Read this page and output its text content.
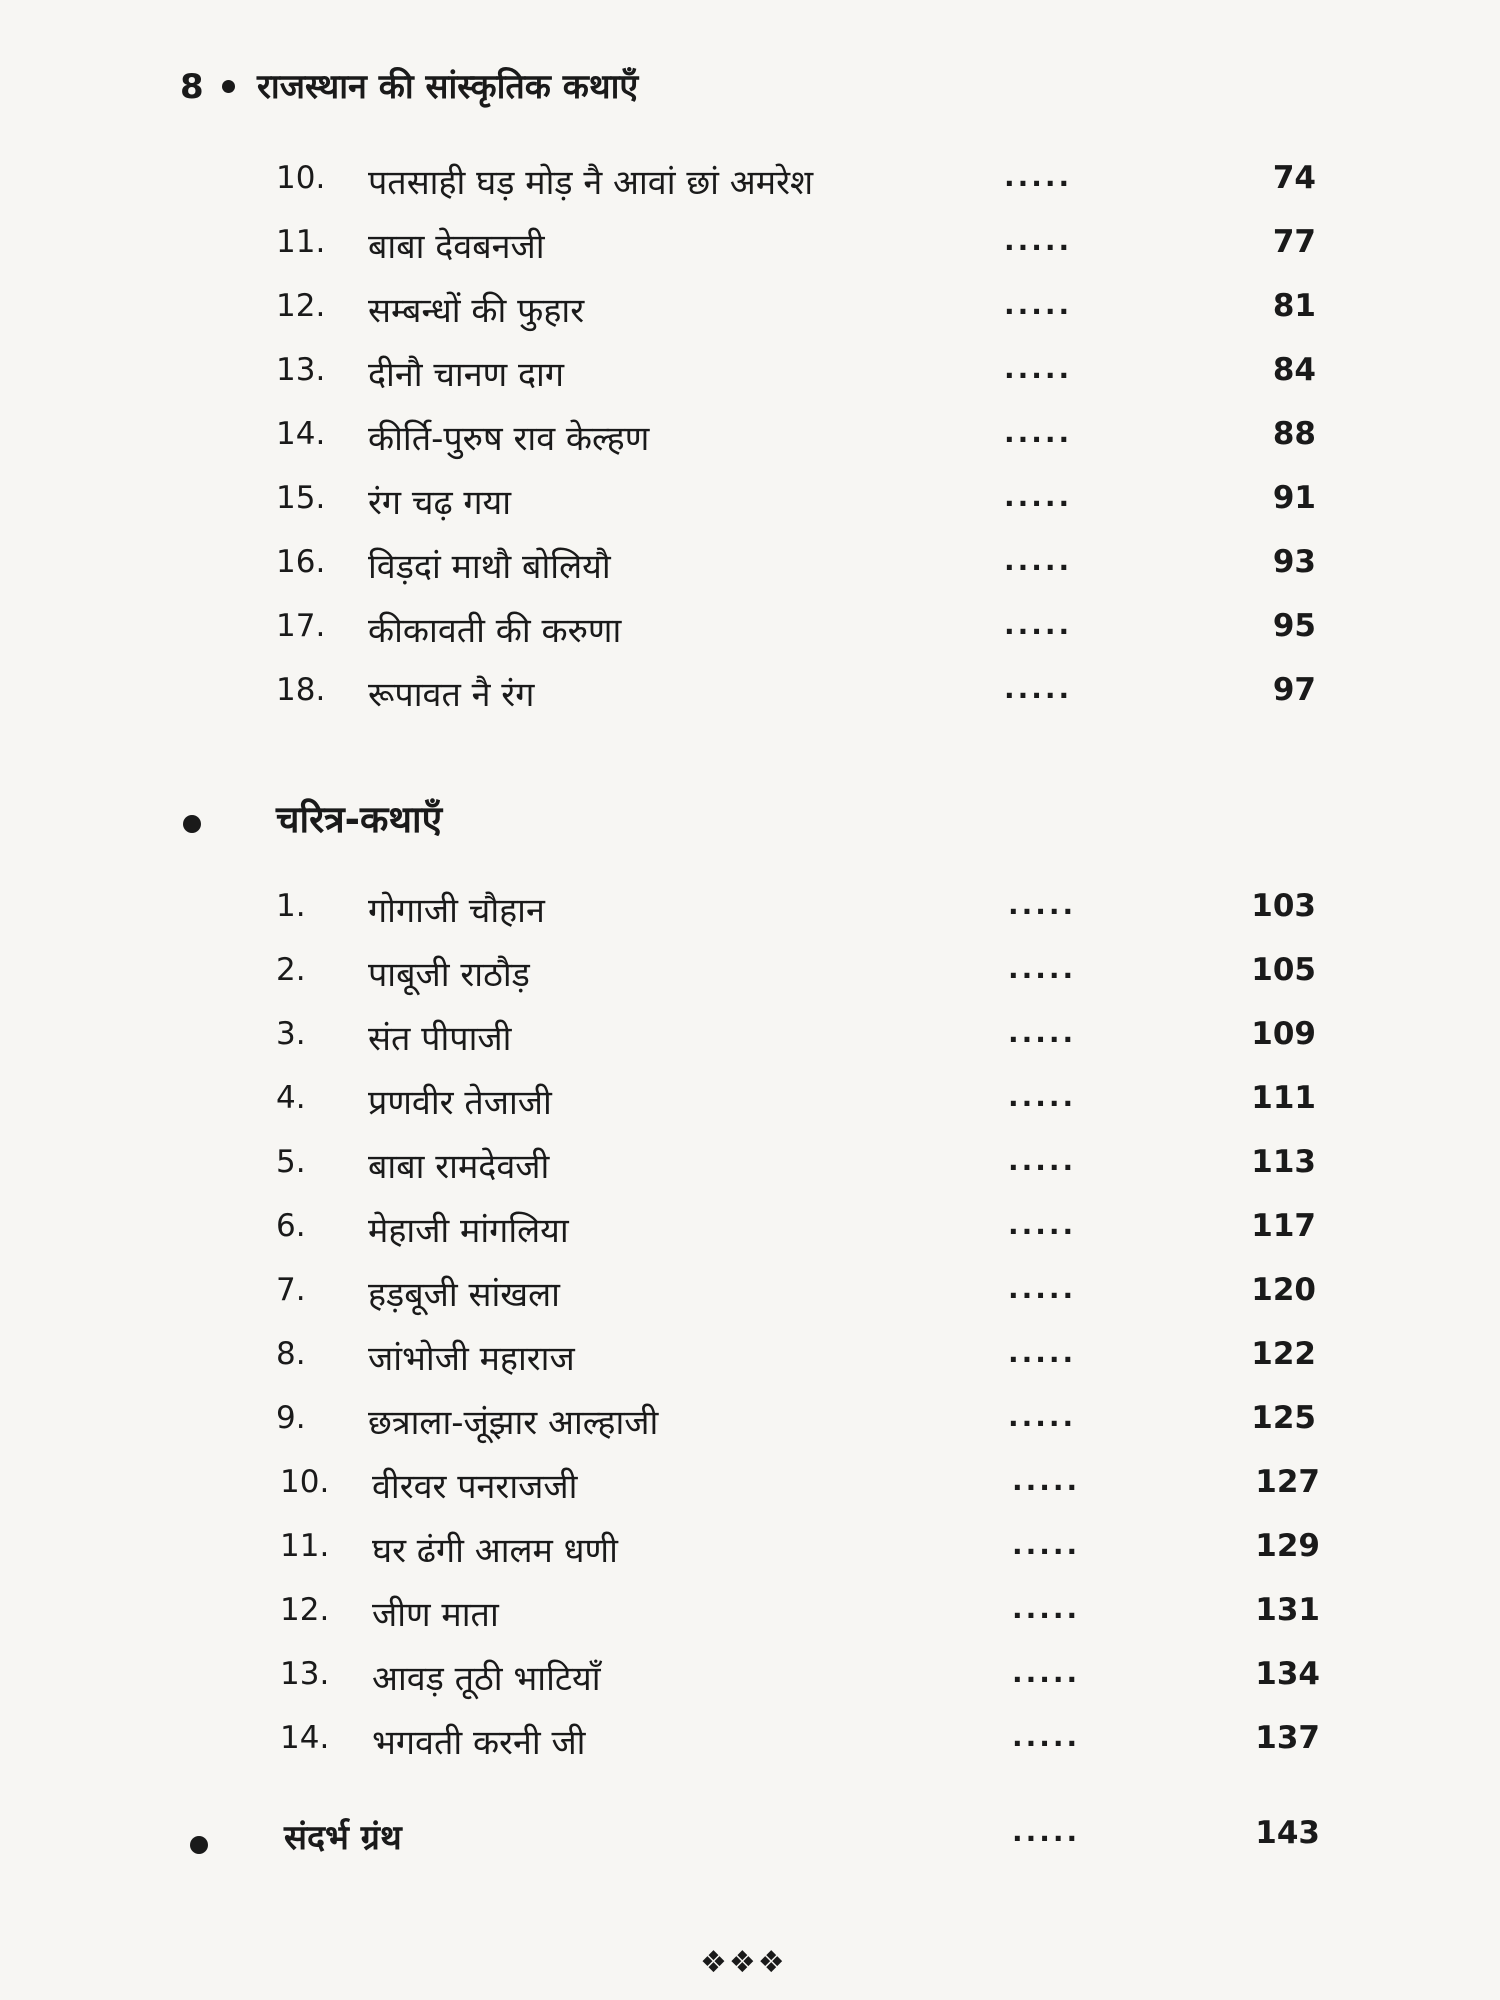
8 राजस्थान की सांस्कृतिक कथाएँ
10. पतसाही घड़ मोड़ नै आवां छां अमरेश	.....	74
11. बाबा देवबनजी	.....	77
12. सम्बन्धों की फुहार	.....	81
13. दीनौ चानण दाग	.....	84
14. कीर्ति-पुरुष राव केल्हण	.....	88
15. रंग चढ़ गया	.....	91
16. विड़दां माथौ बोलियौ	.....	93
17. कीकावती की करुणा	.....	95
18. रूपावत नै रंग	.....	97
चरित्र-कथाएँ
1. गोगाजी चौहान	.....	103
2. पाबूजी राठौड़	.....	105
3. संत पीपाजी	.....	109
4. प्रणवीर तेजाजी	.....	111
5. बाबा रामदेवजी	.....	113
6. मेहाजी मांगलिया	.....	117
7. हड़बूजी सांखला	.....	120
8. जांभोजी महाराज	.....	122
9. छत्राला-जूंझार आल्हाजी	.....	125
10. वीरवर पनराजजी	.....	127
11. घर ढंगी आलम धणी	.....	129
12. जीण माता	.....	131
13. आवड़ तूठी भाटियाँ	.....	134
14. भगवती करनी जी	.....	137
संदर्भ ग्रंथ	.....	143
❖❖❖
